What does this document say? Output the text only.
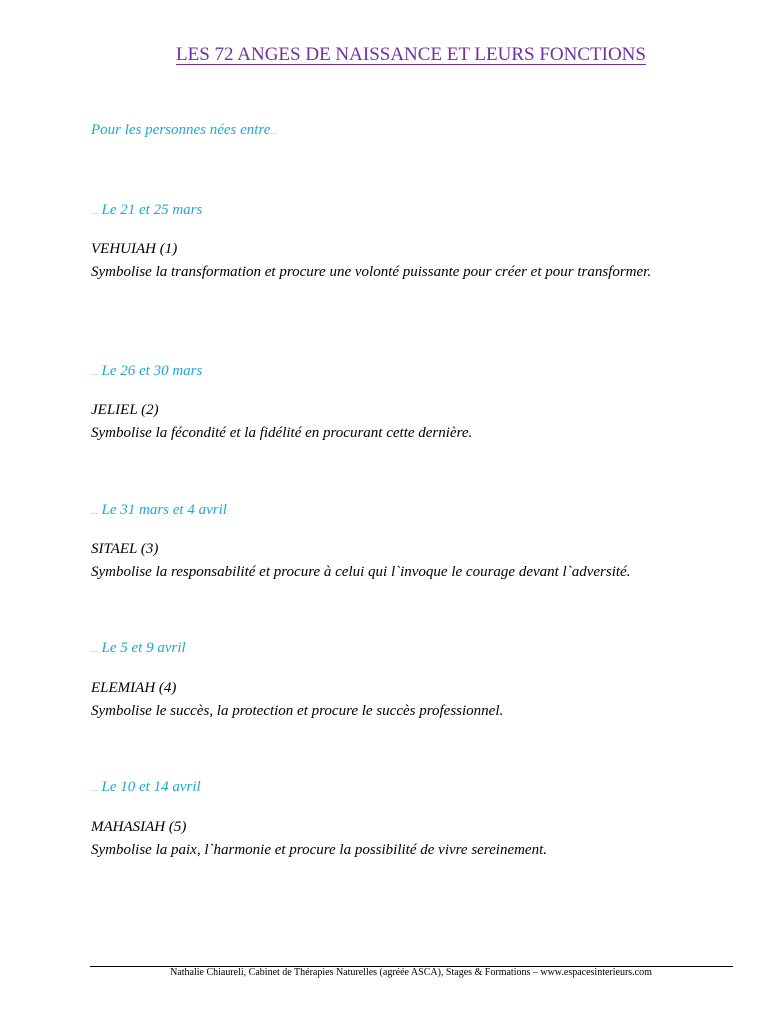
LES 72 ANGES DE NAISSANCE ET LEURS FONCTIONS
Pour les personnes nées entre...
... Le 21 et 25 mars
VEHUIAH (1)
Symbolise la transformation et procure une volonté puissante pour créer et pour transformer.
... Le 26 et 30 mars
JELIEL (2)
Symbolise la fécondité et la fidélité en procurant cette dernière.
... Le 31 mars et 4 avril
SITAEL (3)
Symbolise la responsabilité et procure à celui qui l`invoque le courage devant l`adversité.
... Le 5 et 9 avril
ELEMIAH (4)
Symbolise le succès, la protection et procure le succès professionnel.
... Le 10 et 14 avril
MAHASIAH (5)
Symbolise la paix, l`harmonie et procure la possibilité de vivre sereinement.
Nathalie Chiaureli, Cabinet de Thérapies Naturelles (agréée ASCA), Stages & Formations – www.espacesinterieurs.com
